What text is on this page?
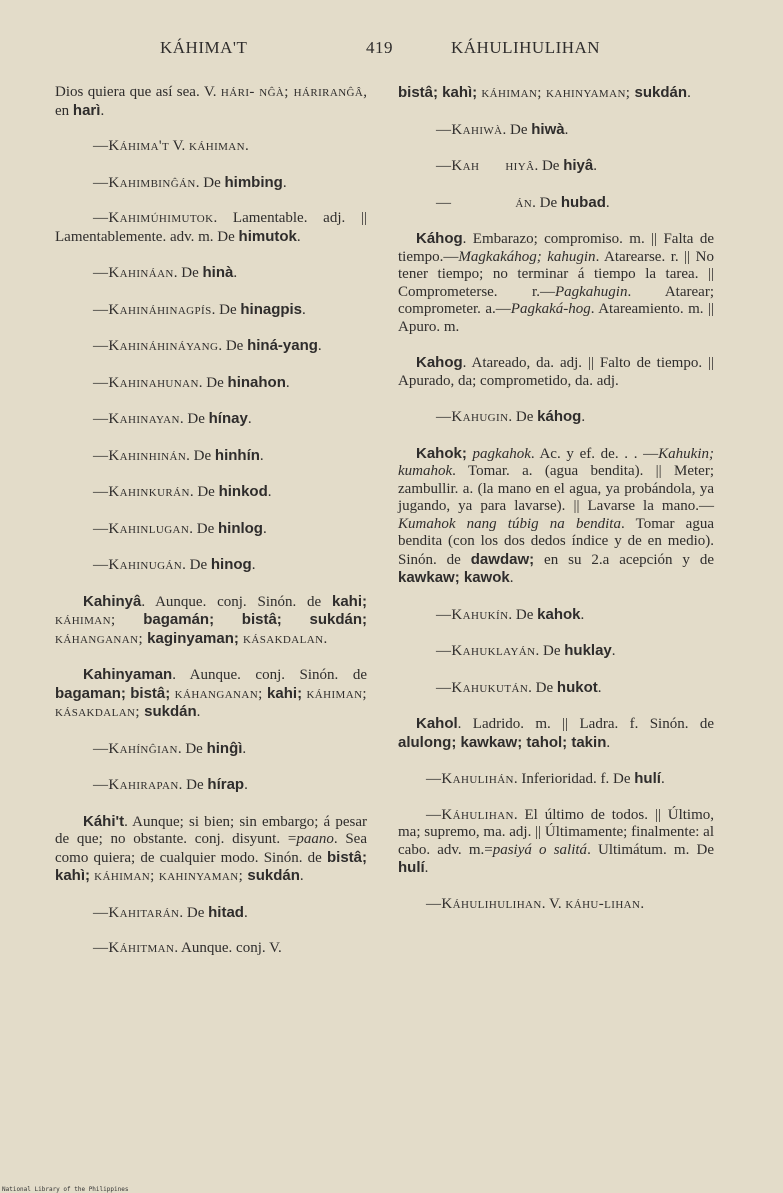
KÁHIMA'T	419	KÁHULIHULIHAN

Dios quiera que así sea. V. hári- nĝà; háriranĝâ, en harì.

—Káhima't V. káhiman.

—Kahimbinĝán. De himbing.

—Kahimúhimutok. Lamentable. adj. || Lamentablemente. adv. m. De himutok.

—Kahináan. De hinà.

—Kahináhinagpís. De hinagpis.

—Kahináhináyang. De hiná-yang.

—Kahinahunan. De hinahon.

—Kahinayan. De hínay.

—Kahinhinán. De hinhín.

—Kahinkurán. De hinkod.

—Kahinlugan. De hinlog.

—Kahinugán. De hinog.

Kahinyâ. Aunque. conj. Sinón. de kahi; káhiman; bagamán; bistâ; sukdán; káhanganan; kaginyaman; kásakdalan.

Kahinyaman. Aunque. conj. Sinón. de bagaman; bistâ; káhanganan; kahi; káhiman; kásakdalan; sukdán.

—Kahínĝian. De hinĝì.

—Kahirapan. De hírap.

Káhi't. Aunque; si bien; sin embargo; á pesar de que; no obstante. conj. disyunt. =paano. Sea como quiera; de cualquier modo. Sinón. de bistâ; kahì; káhiman; kahinyaman; sukdán.

—Kahitarán. De hitad.

—Káhitman. Aunque. conj. V.

bistâ; kahì; káhiman; kahinyaman; sukdán.

—Kahiwà. De hiwà.

—Kah hiyâ. De hiyâ.

—	án. De hubad.

Káhog. Embarazo; compromiso. m. || Falta de tiempo.—Magkakáhog; kahugin. Atarearse. r. || No tener tiempo; no terminar á tiempo la tarea. || Comprometerse. r.—Pagkahugin. Atarear; comprometer. a.—Pagkaká-hog. Atareamiento. m. || Apuro. m.

Kahog. Atareado, da. adj. || Falto de tiempo. || Apurado, da; comprometido, da. adj.

—Kahugin. De káhog.

Kahok; pagkahok. Ac. y ef. de. . . —Kahukin; kumahok. Tomar. a. (agua bendita). || Meter; zambullir. a. (la mano en el agua, ya probándola, ya jugando, ya para lavarse). || Lavarse la mano.—Kumahok nang túbig na bendita. Tomar agua bendita (con los dos dedos índice y de en medio). Sinón. de dawdaw; en su 2.a acepción y de kawkaw; kawok.

—Kahukín. De kahok.

—Kahuklayán. De huklay.

—Kahukután. De hukot.

Kahol. Ladrido. m. || Ladra. f. Sinón. de alulong; kawkaw; tahol; takin.

—Kahulihán. Inferioridad. f. De hulí.

—Káhulihan. El último de todos. || Último, ma; supremo, ma. adj. || Últimamente; finalmente: al cabo. adv. m.=pasiyá o salitá. Ultimátum. m. De hulí.

—Káhulihulihan. V. káhu-lihan.

National Library of the Philippines
